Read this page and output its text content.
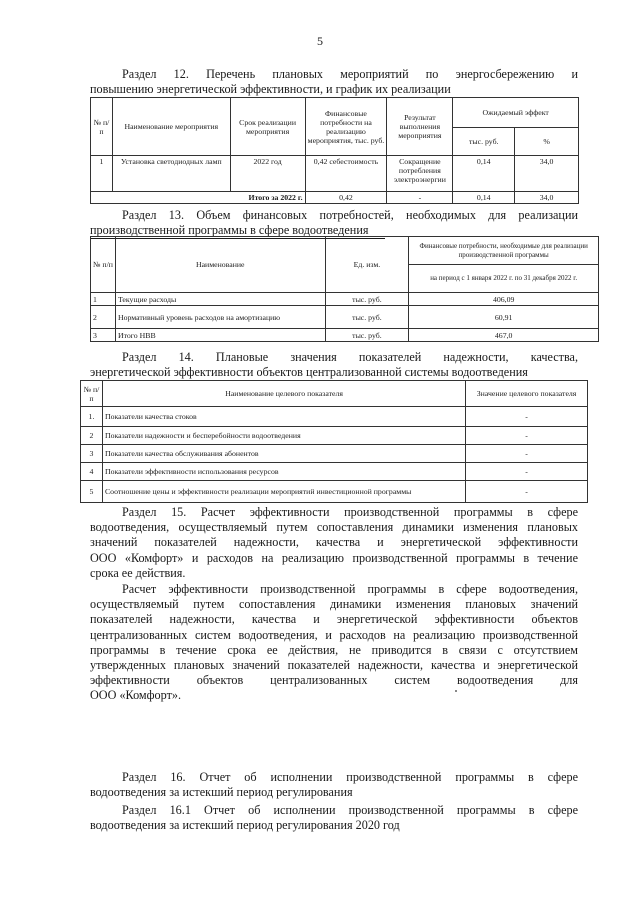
5
Раздел 12. Перечень плановых мероприятий по энергосбережению и
повышению энергетической эффективности, и график их реализации
№ п/п	Наименование мероприятия	Срок реализации мероприятия	Финансовые потребности на реализацию мероприятия, тыс. руб.	Результат выполнения мероприятия	Ожидаемый эффект	
					тыс. руб.	%
1	Установка светодиодных ламп	2022 год	0,42 себестоимость	Сокращение потребления электроэнергии	0,14	34,0
Итого за 2022 г.			0,42	-	0,14	34,0
Раздел 13. Объем финансовых потребностей, необходимых для реализации
производственной программы в сфере водоотведения
№ п/п	Наименование	Ед. изм.	Финансовые потребности, необходимые для реализации производственной программы
			на период с 1 января 2022 г. по 31 декабря 2022 г.
1	Текущие расходы	тыс. руб.	406,09
2	Нормативный уровень расходов на амортизацию	тыс. руб.	60,91
3	Итого НВВ	тыс. руб.	467,0
Раздел 14. Плановые значения показателей надежности, качества,
энергетической эффективности объектов централизованной системы водоотведения
№ п/п	Наименование целевого показателя	Значение целевого показателя
1.	Показатели качества стоков	-
2	Показатели надежности и бесперебойности водоотведения	-
3	Показатели качества обслуживания абонентов	-
4	Показатели эффективности использования ресурсов	-
5	Соотношение цены и эффективности реализации мероприятий инвестиционной программы	-
Раздел 15. Расчет эффективности производственной программы в сфере
водоотведения, осуществляемый путем сопоставления динамики изменения плановых
значений показателей надежности, качества и энергетической эффективности
ООО «Комфорт» и расходов на реализацию производственной программы в течение
срока ее действия.
Расчет эффективности производственной программы в сфере водоотведения,
осуществляемый путем сопоставления динамики изменения плановых значений
показателей надежности, качества и энергетической эффективности объектов
централизованных систем водоотведения, и расходов на реализацию производственной
программы в течение срока ее действия, не приводится в связи с отсутствием
утвержденных плановых значений показателей надежности, качества и энергетической
эффективности объектов централизованных систем водоотведения для
ООО «Комфорт».
Раздел 16. Отчет об исполнении производственной программы в сфере
водоотведения за истекший период регулирования
Раздел 16.1 Отчет об исполнении производственной программы в сфере
водоотведения за истекший период регулирования 2020 год
